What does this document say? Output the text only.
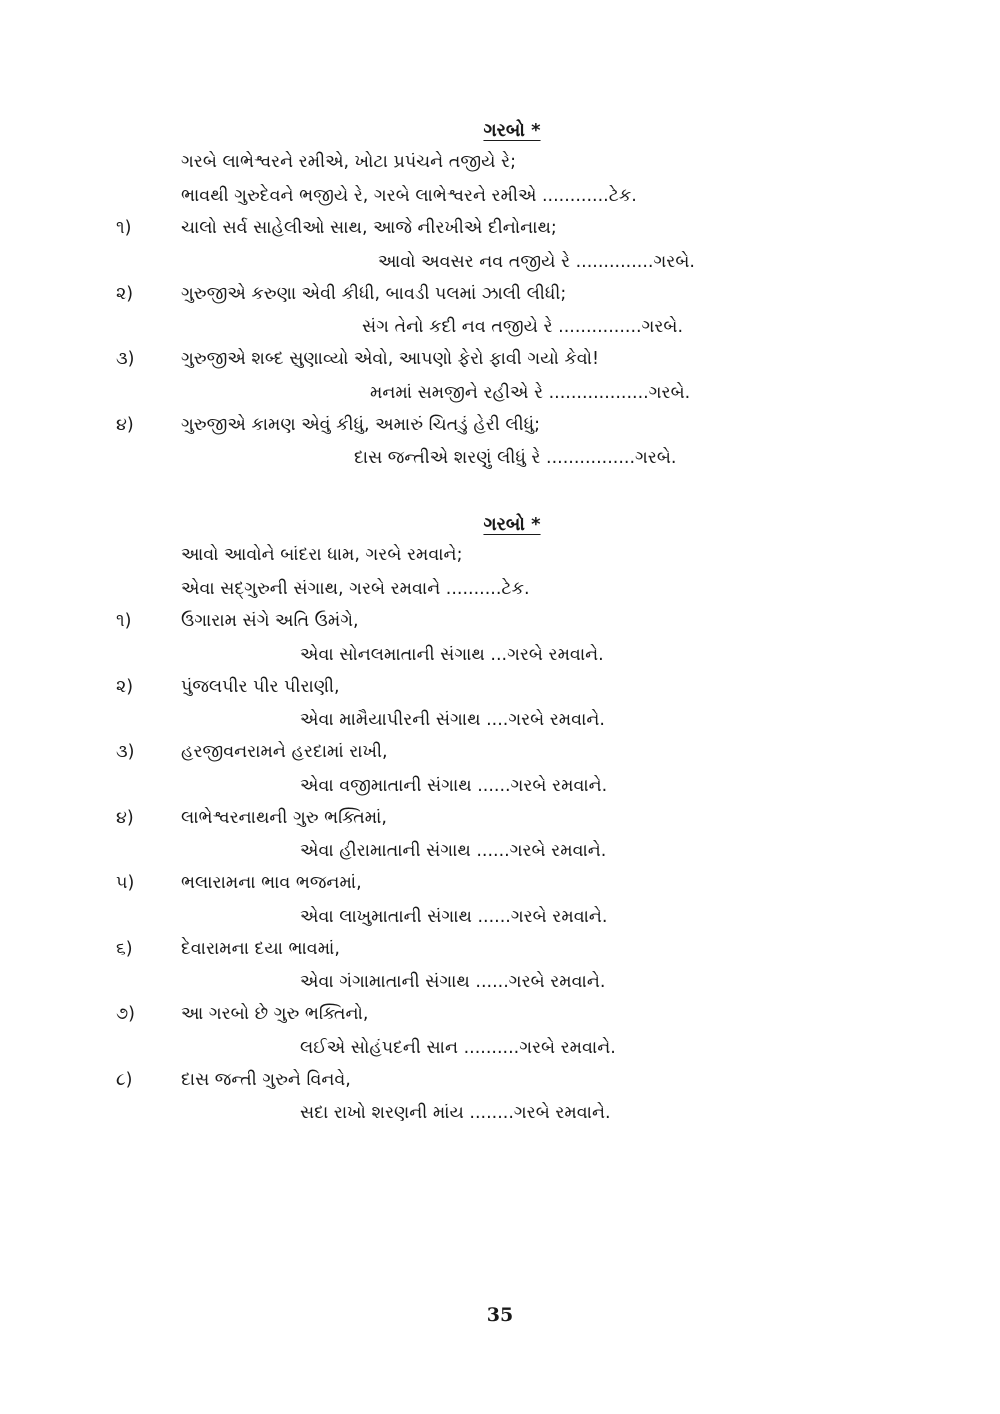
ગરબો *
ગરબે લાભેશ્વરને રમીએ, ખોટા પ્રપંચને તજીયે રે;
ભાવથી ગુરુદેવને ભજીયે રે, ગરબે લાભેશ્વરને રમીએ ............ટેક.
૧)	ચાલો સર્વ સાહેલીઓ સાથ, આજે નીરખીએ દીનોનાથ;
આવો અવસર નવ તજીયે રે ..............ગરબે.
૨)	ગુરુજીએ કરુણા એવી કીધી, બાવડી પલમાં ઝાલી લીધી;
સંગ તેનો કદી નવ તજીયે રે ...............ગરબે.
૩)	ગુરુજીએ શબ્દ સુણાવ્યો એવો, આપણો ફેરો ફાવી ગયો કેવો!
મનમાં સમજીને રહીએ રે ..................ગરબે.
૪)	ગુરુજીએ કામણ એવું કીધું, અમારું ચિતડું હેરી લીધું;
દાસ જન્તીએ શરણું લીધું રે ................ગરબે.
ગરબો *
આવો આવોને બાંદરા ધામ, ગરબે રમવાને;
એવા સદ્‌ગુરુની સંગાથ, ગરબે રમવાને ..........ટેક.
૧)	ઉગારામ સંગે અતિ ઉમંગે,
એવા સોનલમાતાની સંગાથ ...ગરબે રમવાને.
૨)	પુંજલપીર પીર પીરાણી,
એવા મામૈયાપીરની સંગાથ ....ગરબે રમવાને.
૩)	હરજીવનરામને હરદામાં રાખી,
એવા વજીમાતાની સંગાથ ......ગરબે રમવાને.
૪)	લાભેશ્વરનાથની ગુરુ ભક્તિમાં,
એવા હીરામાતાની સંગાથ ......ગરબે રમવાને.
૫)	ભલારામના ભાવ ભજનમાં,
એવા લાખુમાતાની સંગાથ ......ગરબે રમવાને.
૬)	દેવારામના દયા ભાવમાં,
એવા ગંગામાતાની સંગાથ ......ગરબે રમવાને.
૭)	આ ગરબો છે ગુરુ ભક્તિનો,
લઈએ સોહંપદની સાન ..........ગરબે રમવાને.
૮)	દાસ જન્તી ગુરુને વિનવે,
સદા રાખો શરણની માંય ........ગરબે રમવાને.
35
